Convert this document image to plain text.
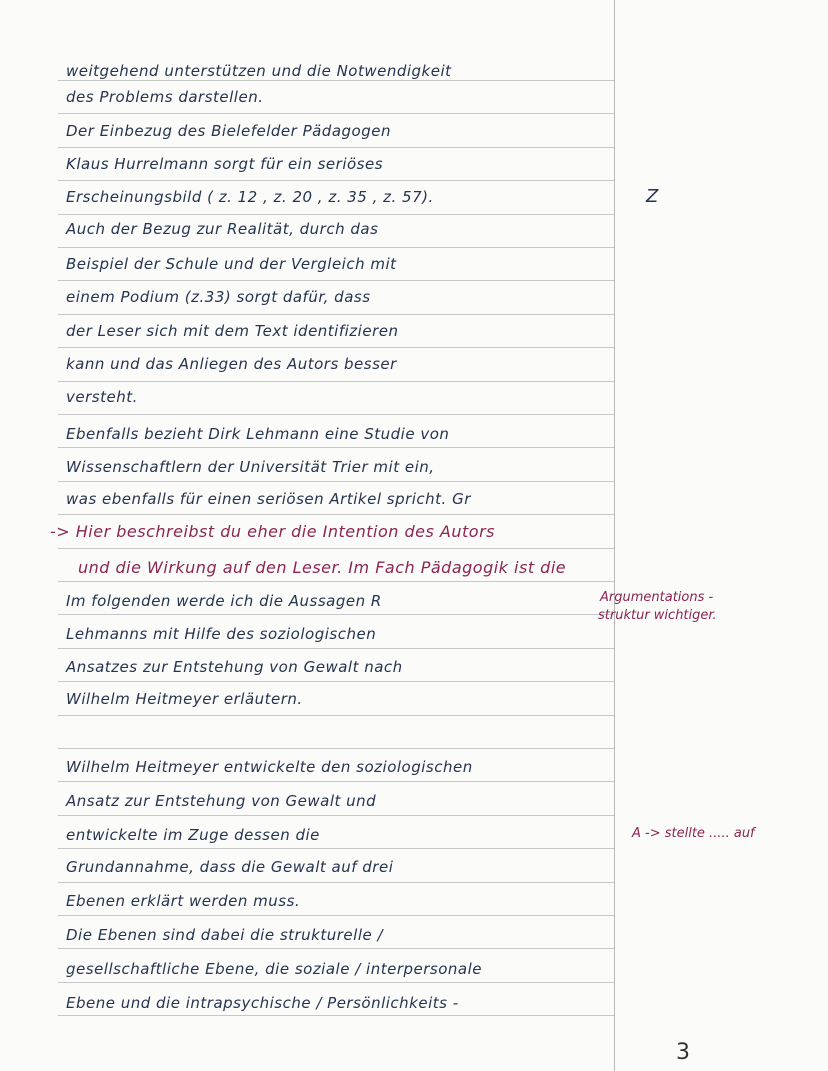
weitgehend unterstützen und die Notwendigkeit
des Problems darstellen.
Der Einbezug des Bielefelder Pädagogen
Klaus Hurrelmann sorgt für ein seriöses
Erscheinungsbild ( z. 12 , z. 20 , z. 35 , z. 57).
Auch der Bezug zur Realität, durch das
Beispiel der Schule und der Vergleich mit
einem Podium (z.33) sorgt dafür, dass
der Leser sich mit dem Text identifizieren
kann und das Anliegen des Autors besser
versteht.
Ebenfalls bezieht Dirk Lehmann eine Studie von
Wissenschaftlern der Universität Trier mit ein,
was ebenfalls für einen seriösen Artikel spricht. Gr
-> Hier beschreibst du eher die Intention des Autors
und die Wirkung auf den Leser. Im Fach Pädagogik ist die
Im folgenden werde ich die Aussagen R
Lehmanns mit Hilfe des soziologischen
Ansatzes zur Entstehung von Gewalt nach
Wilhelm Heitmeyer erläutern.
Wilhelm Heitmeyer entwickelte den soziologischen
Ansatz zur Entstehung von Gewalt und
entwickelte im Zuge dessen die
Grundannahme, dass die Gewalt auf drei
Ebenen erklärt werden muss.
Die Ebenen sind dabei die strukturelle /
gesellschaftliche Ebene, die soziale / interpersonale
Ebene und die intrapsychische / Persönlichkeits -
Z
Argumentations -
struktur wichtiger.
A -> stellte ..... auf
3
